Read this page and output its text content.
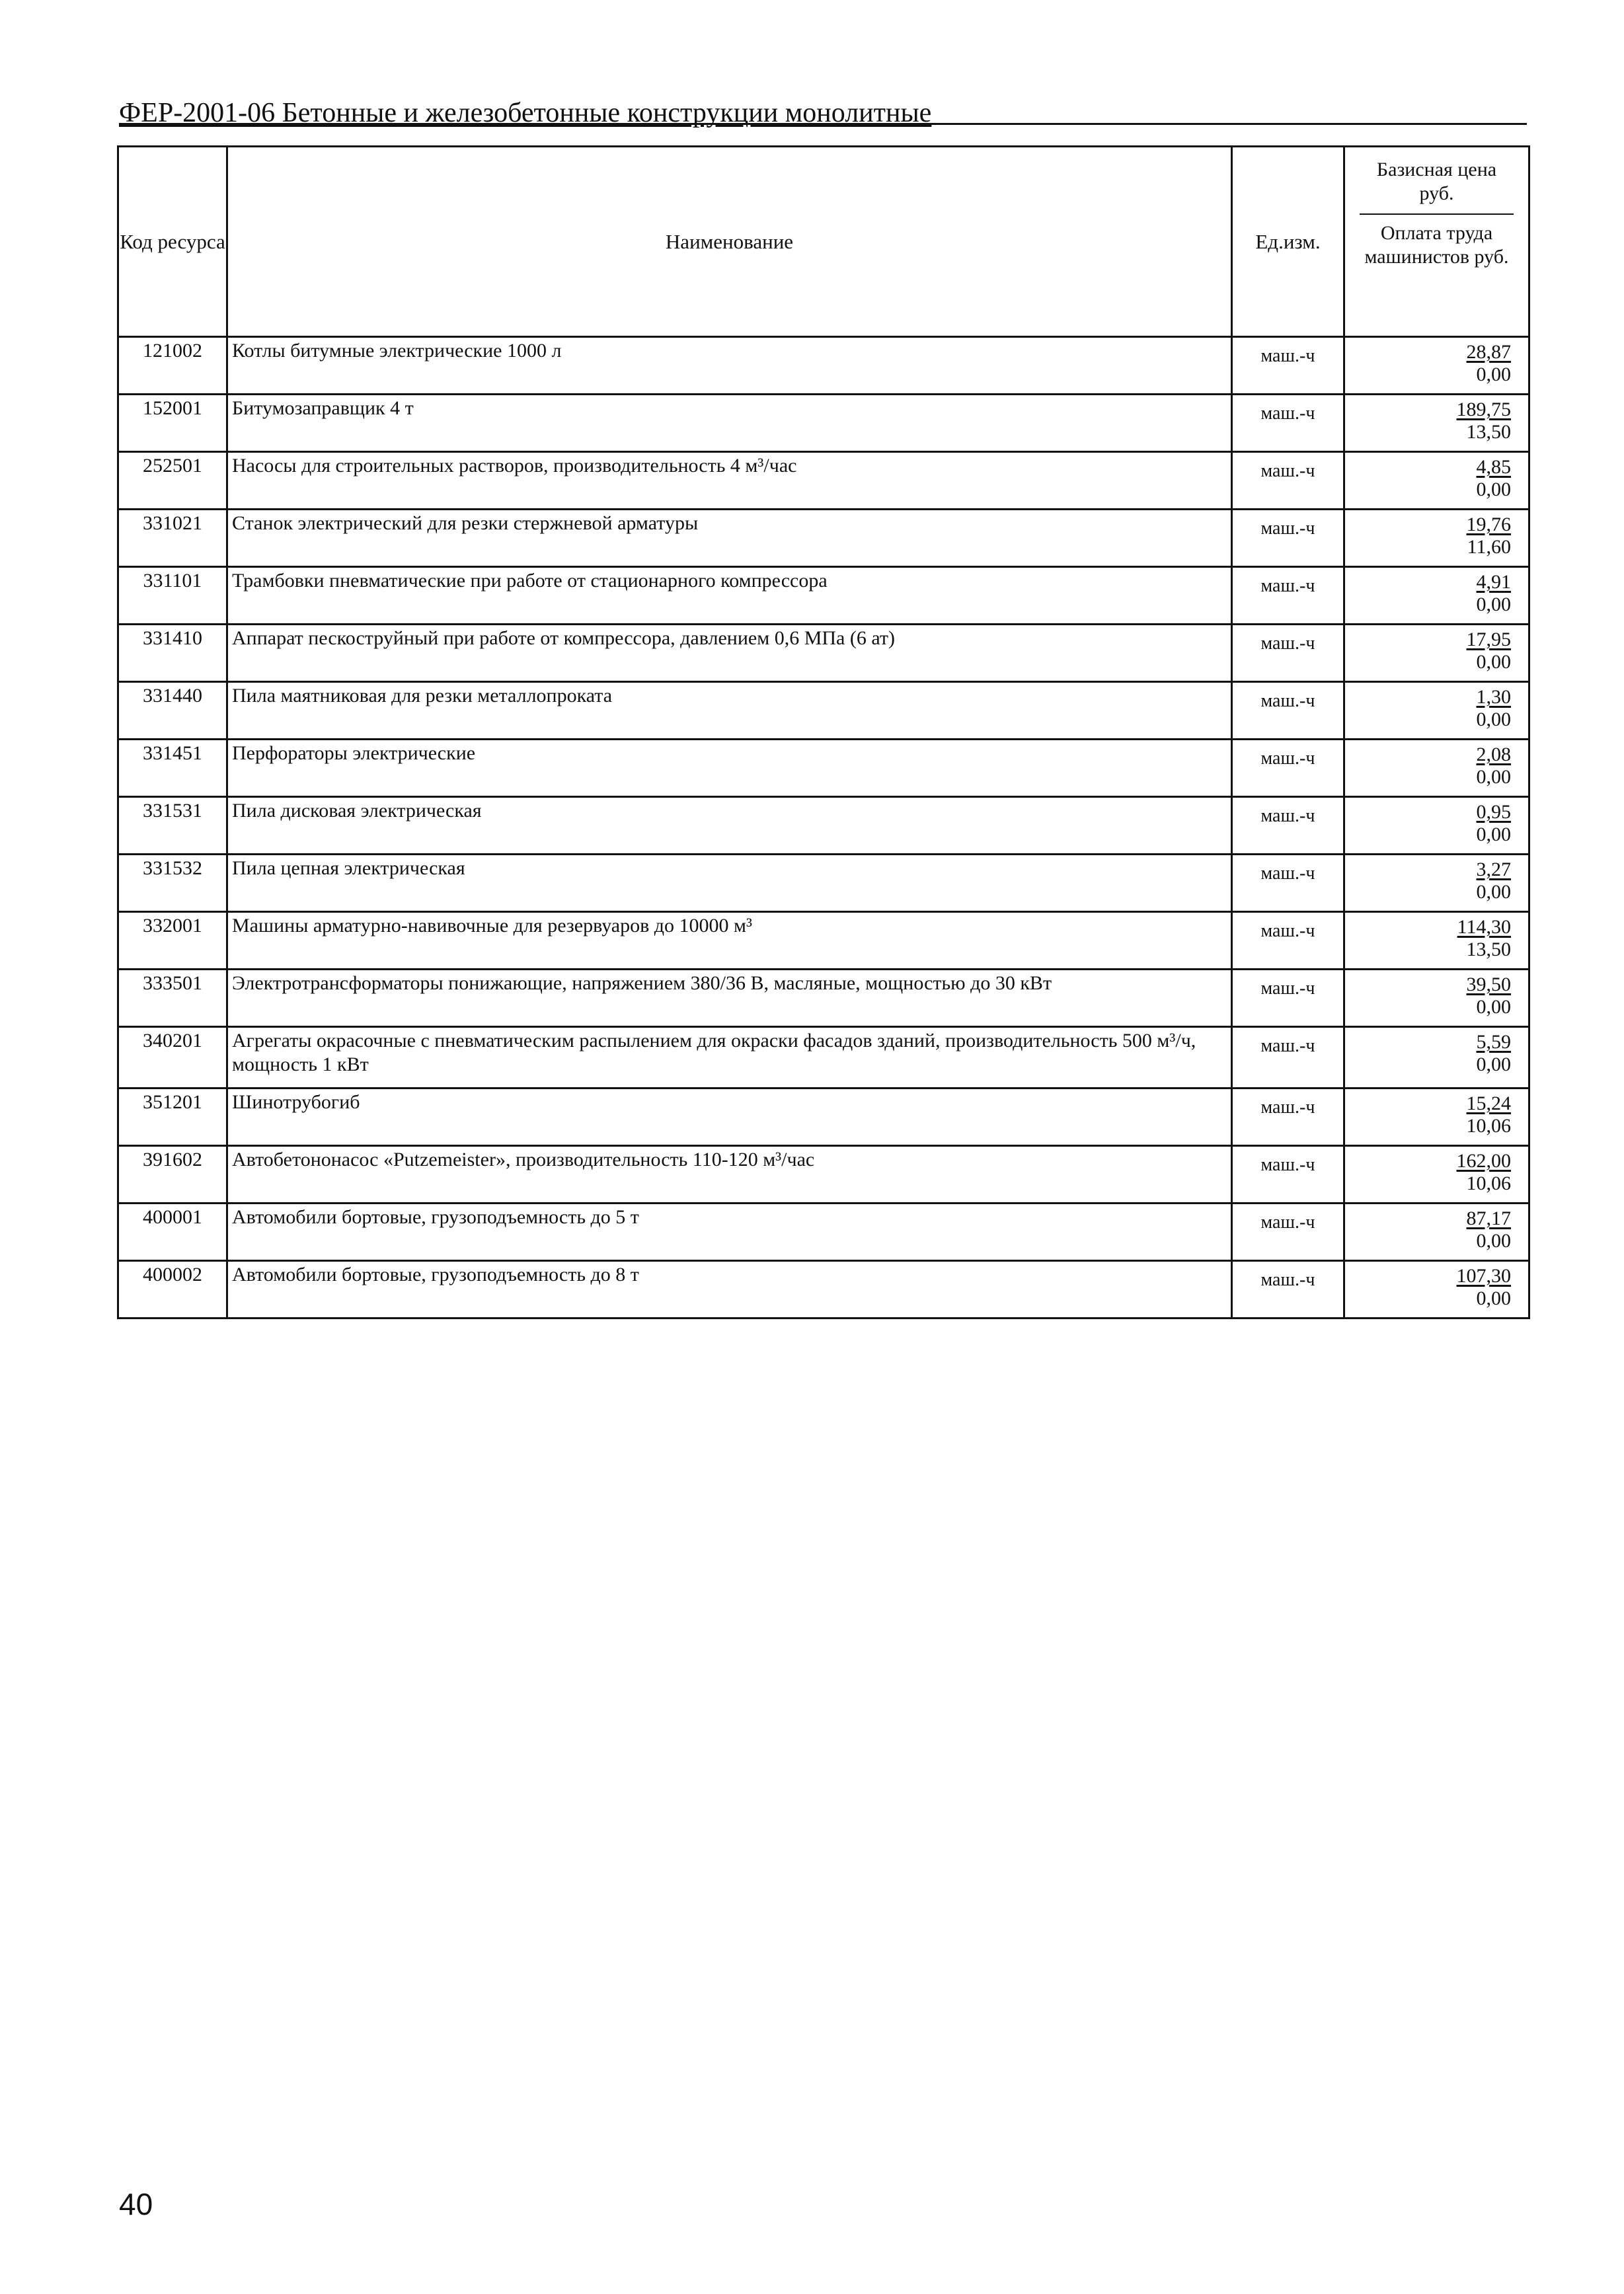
ФЕР-2001-06 Бетонные и железобетонные конструкции монолитные
Код ресурса	Наименование	Ед.изм.	Базисная цена руб.
Оплата труда машинистов руб.

121002	Котлы битумные электрические 1000 л	маш.-ч	28,87
0,00

152001	Битумозаправщик 4 т	маш.-ч	189,75
13,50

252501	Насосы для строительных растворов, производительность 4 м³/час	маш.-ч	4,85
0,00

331021	Станок электрический для резки стержневой арматуры	маш.-ч	19,76
11,60

331101	Трамбовки пневматические при работе от стационарного компрессора	маш.-ч	4,91
0,00

331410	Аппарат пескоструйный при работе от компрессора, давлением 0,6 МПа (6 ат)	маш.-ч	17,95
0,00

331440	Пила маятниковая для резки металлопроката	маш.-ч	1,30
0,00

331451	Перфораторы электрические	маш.-ч	2,08
0,00

331531	Пила дисковая электрическая	маш.-ч	0,95
0,00

331532	Пила цепная электрическая	маш.-ч	3,27
0,00

332001	Машины арматурно-навивочные для резервуаров до 10000 м³	маш.-ч	114,30
13,50

333501	Электротрансформаторы понижающие, напряжением 380/36 В, масляные, мощностью до 30 кВт	маш.-ч	39,50
0,00

340201	Агрегаты окрасочные с пневматическим распылением для окраски фасадов зданий, производительность 500 м³/ч, мощность 1 кВт	маш.-ч	5,59
0,00

351201	Шинотрубогиб	маш.-ч	15,24
10,06

391602	Автобетононасос «Putzemeister», производительность 110-120 м³/час	маш.-ч	162,00
10,06

400001	Автомобили бортовые, грузоподъемность до 5 т	маш.-ч	87,17
0,00

400002	Автомобили бортовые, грузоподъемность до 8 т	маш.-ч	107,30
0,00
40
